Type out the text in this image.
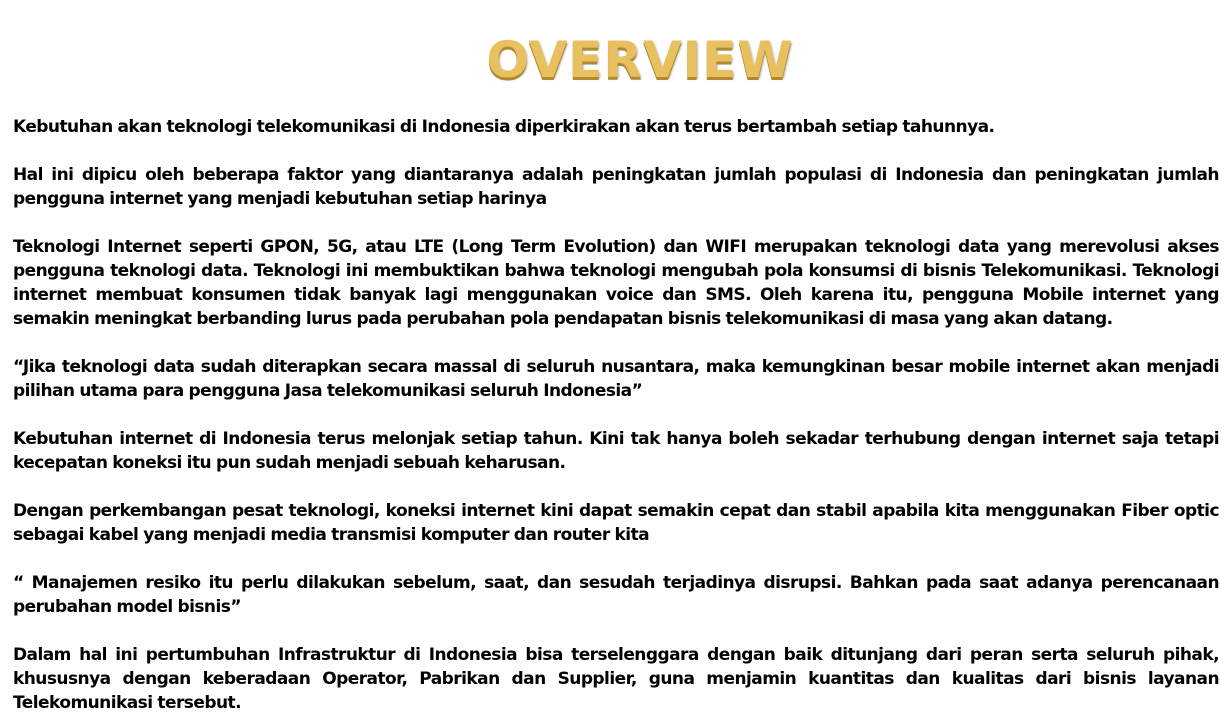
OVERVIEW

Kebutuhan akan teknologi telekomunikasi di Indonesia diperkirakan akan terus bertambah setiap tahunnya.

Hal ini dipicu oleh beberapa faktor yang diantaranya adalah peningkatan jumlah populasi di Indonesia dan peningkatan jumlah pengguna internet yang menjadi kebutuhan setiap harinya

Teknologi Internet seperti GPON, 5G, atau LTE (Long Term Evolution) dan WIFI merupakan teknologi data yang merevolusi akses pengguna teknologi data. Teknologi ini membuktikan bahwa teknologi mengubah pola konsumsi di bisnis Telekomunikasi. Teknologi internet membuat konsumen tidak banyak lagi menggunakan voice dan SMS. Oleh karena itu, pengguna Mobile internet yang semakin meningkat berbanding lurus pada perubahan pola pendapatan bisnis telekomunikasi di masa yang akan datang.

“Jika teknologi data sudah diterapkan secara massal di seluruh nusantara, maka kemungkinan besar mobile internet akan menjadi pilihan utama para pengguna Jasa telekomunikasi seluruh Indonesia”

Kebutuhan internet di Indonesia terus melonjak setiap tahun. Kini tak hanya boleh sekadar terhubung dengan internet saja tetapi kecepatan koneksi itu pun sudah menjadi sebuah keharusan.

Dengan perkembangan pesat teknologi, koneksi internet kini dapat semakin cepat dan stabil apabila kita menggunakan Fiber optic sebagai kabel yang menjadi media transmisi komputer dan router kita

“ Manajemen resiko itu perlu dilakukan sebelum, saat, dan sesudah terjadinya disrupsi. Bahkan pada saat adanya perencanaan perubahan model bisnis”

Dalam hal ini pertumbuhan Infrastruktur di Indonesia bisa terselenggara dengan baik ditunjang dari peran serta seluruh pihak, khususnya dengan keberadaan Operator, Pabrikan dan Supplier, guna menjamin kuantitas dan kualitas dari bisnis layanan Telekomunikasi tersebut.
